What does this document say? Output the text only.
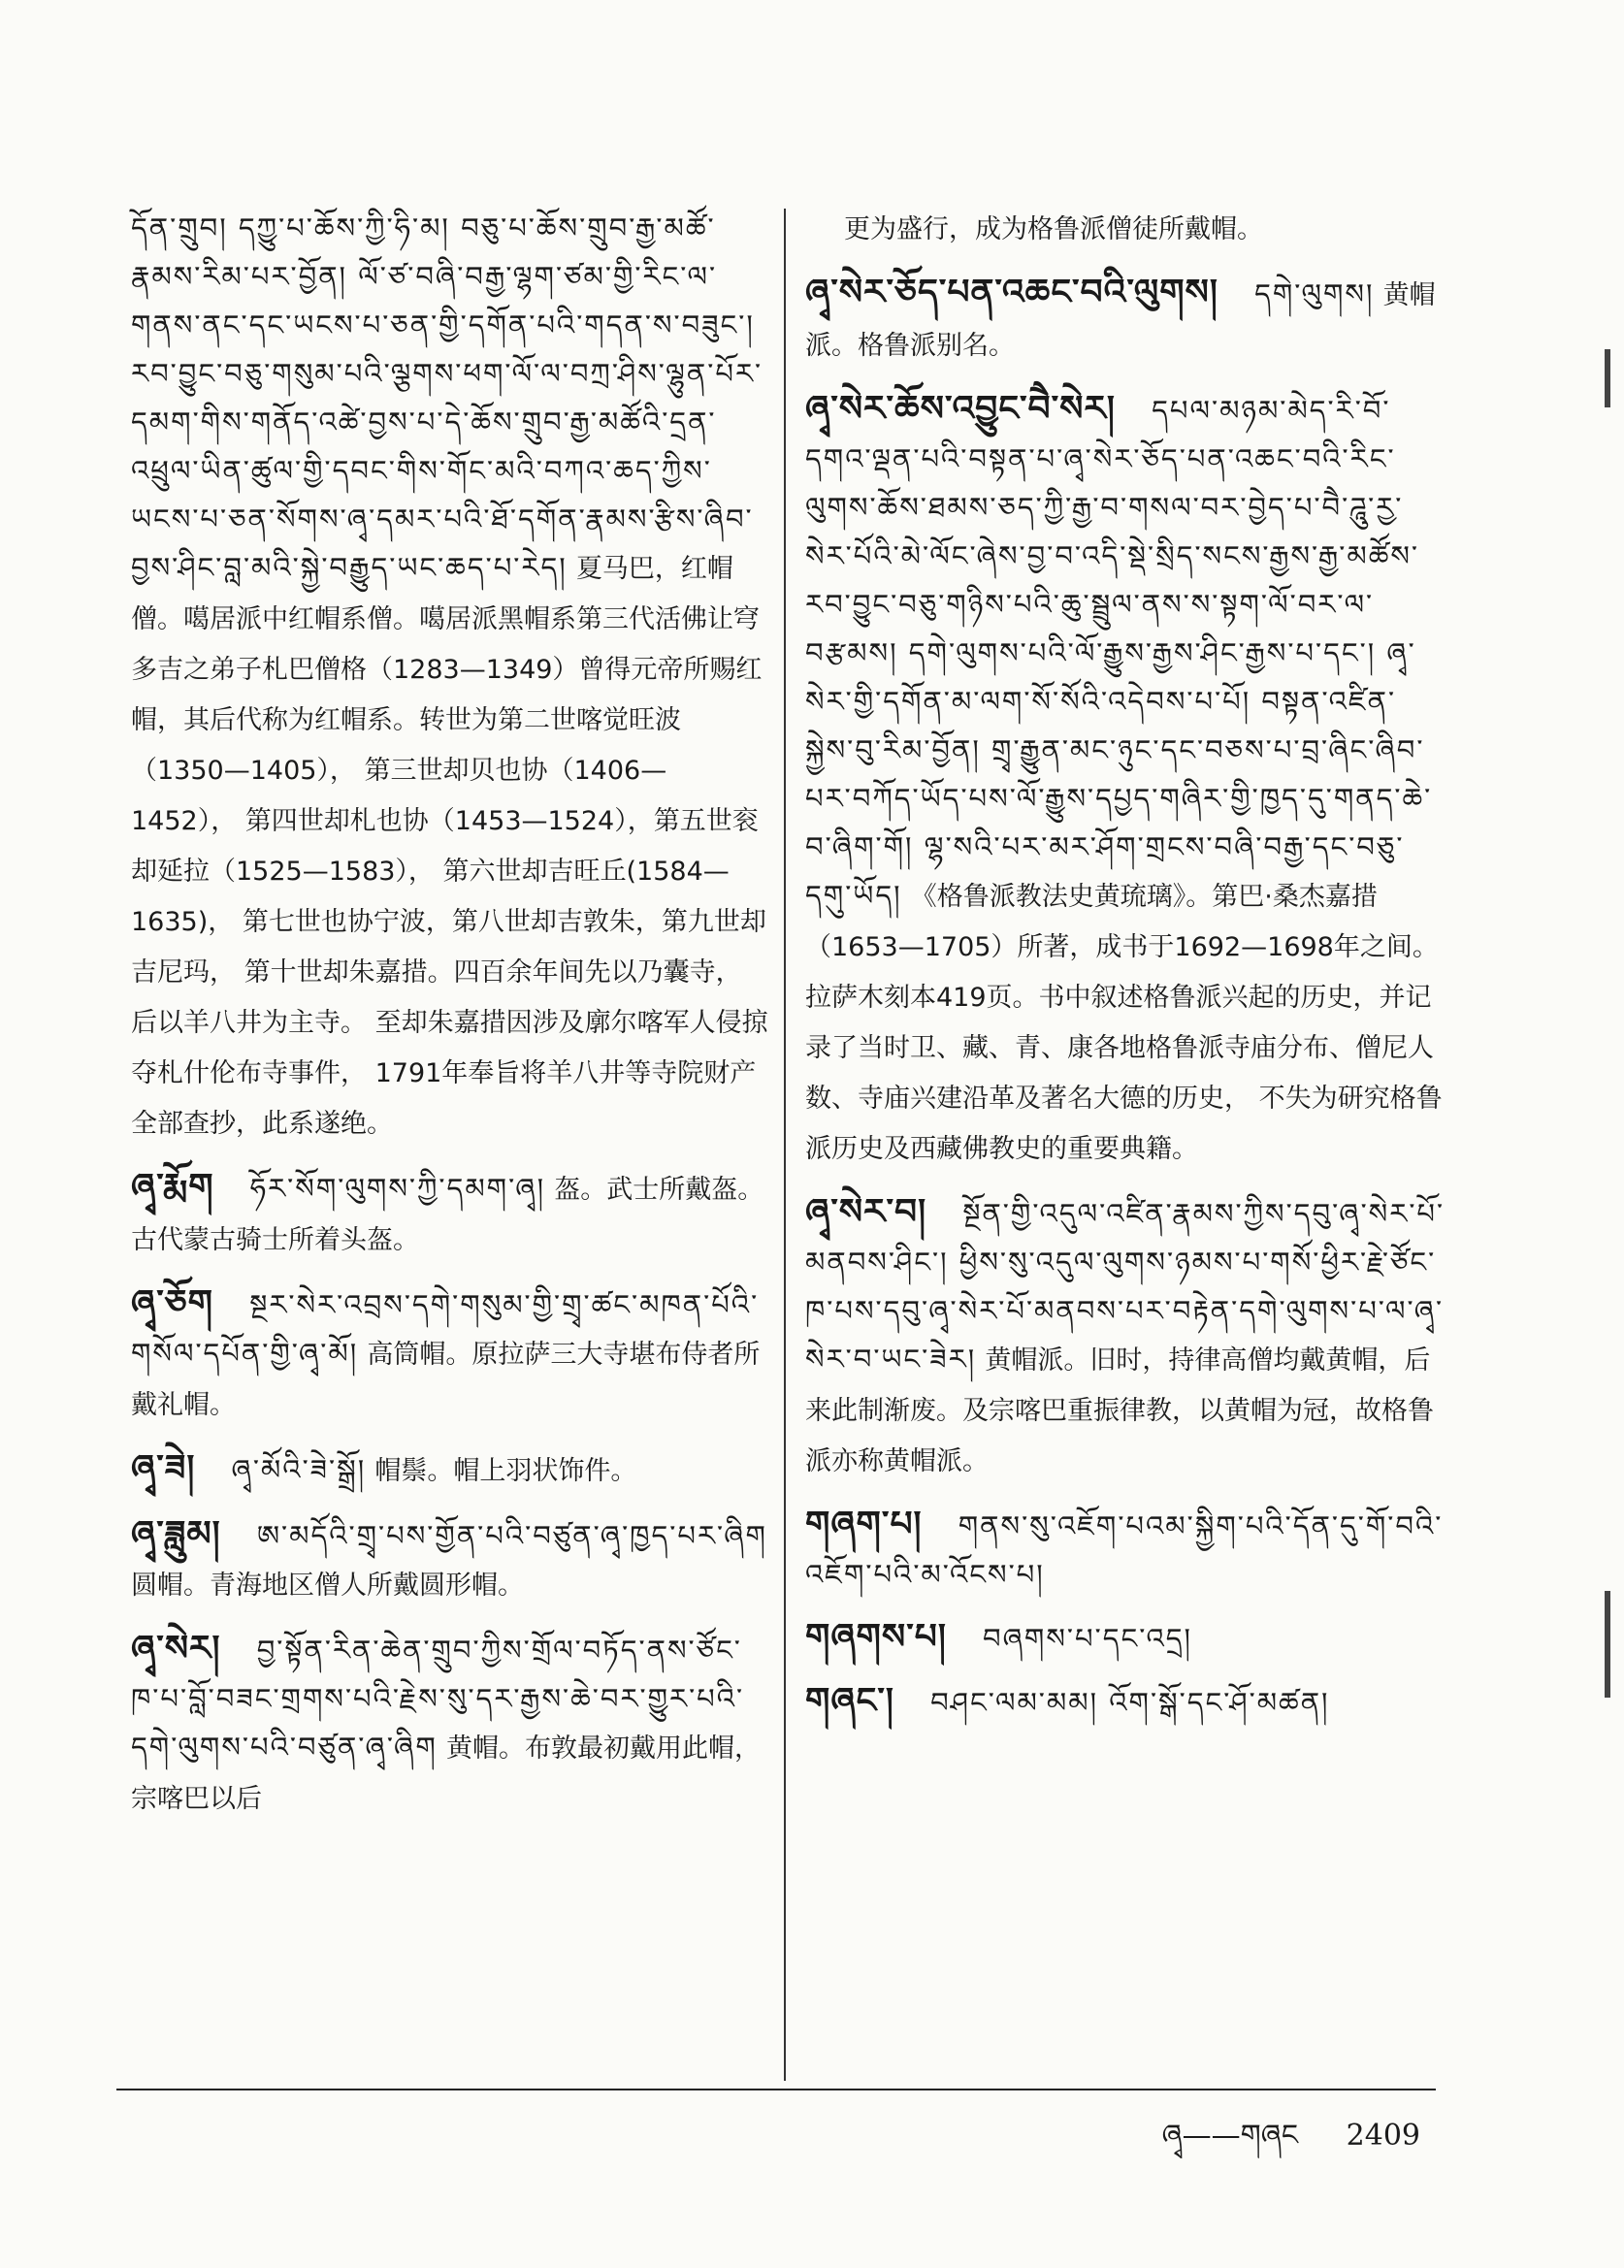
དོན་གྲུབ། དཀྱུ་པ་ཆོས་ཀྱི་ཧི་མ། བཅུ་པ་ཆོས་གྲུབ་རྒྱ་མཚོ་རྣམས་རིམ་པར་བྱོན། ལོ་ཙ་བཞི་བརྒྱ་ལྷག་ཙམ་གྱི་རིང་ལ་གནས་ནང་དང་ཡངས་པ་ཅན་གྱི་དགོན་པའི་གདན་ས་བཟུང་། རབ་བྱུང་བཅུ་གསུམ་པའི་ལྕགས་ཕག་ལོ་ལ་བཀྲ་ཤིས་ལྷུན་པོར་དམག་གིས་གནོད་འཚེ་བྱས་པ་དེ་ཆོས་གྲུབ་རྒྱ་མཚོའི་དྲན་འཕྲུལ་ཡིན་ཚུལ་གྱི་དབང་གིས་གོང་མའི་བཀའ་ཆད་ཀྱིས་ཡངས་པ་ཅན་སོགས་ཞྭ་དམར་པའི་ཐོ་དགོན་རྣམས་རྩིས་ཞིབ་བྱས་ཤིང་བླ་མའི་སྐྱེ་བརྒྱུད་ཡང་ཆད་པ་རེད། 夏马巴，红帽僧。噶居派中红帽系僧。噶居派黑帽系第三代活佛让穹多吉之弟子札巴僧格（1283—1349）曾得元帝所赐红帽，其后代称为红帽系。转世为第二世喀觉旺波（1350—1405）， 第三世却贝也协（1406—1452）， 第四世却札也协（1453—1524），第五世衮却延拉（1525—1583）， 第六世却吉旺丘(1584—1635)， 第七世也协宁波，第八世却吉敦朱，第九世却吉尼玛， 第十世却朱嘉措。四百余年间先以乃囊寺， 后以羊八井为主寺。 至却朱嘉措因涉及廓尔喀军人侵掠夺札什伦布寺事件， 1791年奉旨将羊八井等寺院财产全部查抄，此系遂绝。
ཞྭ་རྨོག ཧོར་སོག་ལུགས་ཀྱི་དམག་ཞྭ། 盔。武士所戴盔。古代蒙古骑士所着头盔。
ཞྭ་ཅོག སྔར་སེར་འབྲས་དགེ་གསུམ་གྱི་གྲྭ་ཚང་མཁན་པོའི་གསོལ་དཔོན་གྱི་ཞྭ་མོ། 高筒帽。原拉萨三大寺堪布侍者所戴礼帽。
ཞྭ་ཟེ། ཞྭ་མོའི་ཟེ་སྒྲོ། 帽鬃。帽上羽状饰件。
ཞྭ་ཟླུམ། ཨ་མདོའི་གྲྭ་པས་གྱོན་པའི་བཙུན་ཞྭ་ཁྱད་པར་ཞིག 圆帽。青海地区僧人所戴圆形帽。
ཞྭ་སེར། བྱ་སྟོན་རིན་ཆེན་གྲུབ་ཀྱིས་གྲོལ་བཏོད་ནས་ཙོང་ཁ་པ་བློ་བཟང་གྲགས་པའི་རྗེས་སུ་དར་རྒྱས་ཆེ་བར་གྱུར་པའི་དགེ་ལུགས་པའི་བཙུན་ཞྭ་ཞིག 黄帽。布敦最初戴用此帽，宗喀巴以后
更为盛行，成为格鲁派僧徒所戴帽。
ཞྭ་སེར་ཅོད་པན་འཆང་བའི་ལུགས། དགེ་ལུགས། 黄帽派。格鲁派别名。
ཞྭ་སེར་ཆོས་འབྱུང་བཻ་སེར། དཔལ་མཉམ་མེད་རི་བོ་དགའ་ལྡན་པའི་བསྟན་པ་ཞྭ་སེར་ཅོད་པན་འཆང་བའི་རིང་ལུགས་ཆོས་ཐམས་ཅད་ཀྱི་རྒྱ་བ་གསལ་བར་བྱེད་པ་བཻ་ཌཱུ་རྱ་སེར་པོའི་མེ་ལོང་ཞེས་བྱ་བ་འདི་སྡེ་སྲིད་སངས་རྒྱས་རྒྱ་མཚོས་རབ་བྱུང་བཅུ་གཉིས་པའི་ཆུ་སྦྲུལ་ནས་ས་སྟག་ལོ་བར་ལ་བརྩམས། དགེ་ལུགས་པའི་ལོ་རྒྱུས་རྒྱས་ཤིང་རྒྱས་པ་དང་། ཞྭ་སེར་གྱི་དགོན་མ་ལག་སོ་སོའི་འདེབས་པ་པོ། བསྟན་འཛིན་སྐྱེས་བུ་རིམ་བྱོན། གྲྭ་རྒྱུན་མང་ཉུང་དང་བཅས་པ་བྲ་ཞིང་ཞིབ་པར་བཀོད་ཡོད་པས་ལོ་རྒྱུས་དཔྱད་གཞིར་གྱི་ཁྱད་དུ་གནད་ཆེ་བ་ཞིག་གོ། ལྷ་སའི་པར་མར་ཤོག་གྲངས་བཞི་བརྒྱ་དང་བཅུ་དགུ་ཡོད། 《格鲁派教法史黄琉璃》。第巴·桑杰嘉措（1653—1705）所著，成书于1692—1698年之间。拉萨木刻本419页。书中叙述格鲁派兴起的历史，并记录了当时卫、藏、青、康各地格鲁派寺庙分布、僧尼人数、寺庙兴建沿革及著名大德的历史， 不失为研究格鲁派历史及西藏佛教史的重要典籍。
ཞྭ་སེར་བ། སྔོན་གྱི་འདུལ་འཛིན་རྣམས་ཀྱིས་དབུ་ཞྭ་སེར་པོ་མནབས་ཤིང་། ཕྱིས་སུ་འདུལ་ལུགས་ཉམས་པ་གསོ་ཕྱིར་རྗེ་ཙོང་ཁ་པས་དབུ་ཞྭ་སེར་པོ་མནབས་པར་བརྟེན་དགེ་ལུགས་པ་ལ་ཞྭ་སེར་བ་ཡང་ཟེར། 黄帽派。旧时，持律高僧均戴黄帽，后来此制渐废。及宗喀巴重振律教，以黄帽为冠，故格鲁派亦称黄帽派。
གཞག་པ། གནས་སུ་འཇོག་པའམ་སྐྱིག་པའི་དོན་དུ་གོ་བའི་འཇོག་པའི་མ་འོངས་པ།
གཞགས་པ། བཞགས་པ་དང་འདྲ།
གཞང་། བཤང་ལམ་མམ། འོག་སྒོ་དང་ཤོ་མཚན།
ཞྭ——གཞང 2409
